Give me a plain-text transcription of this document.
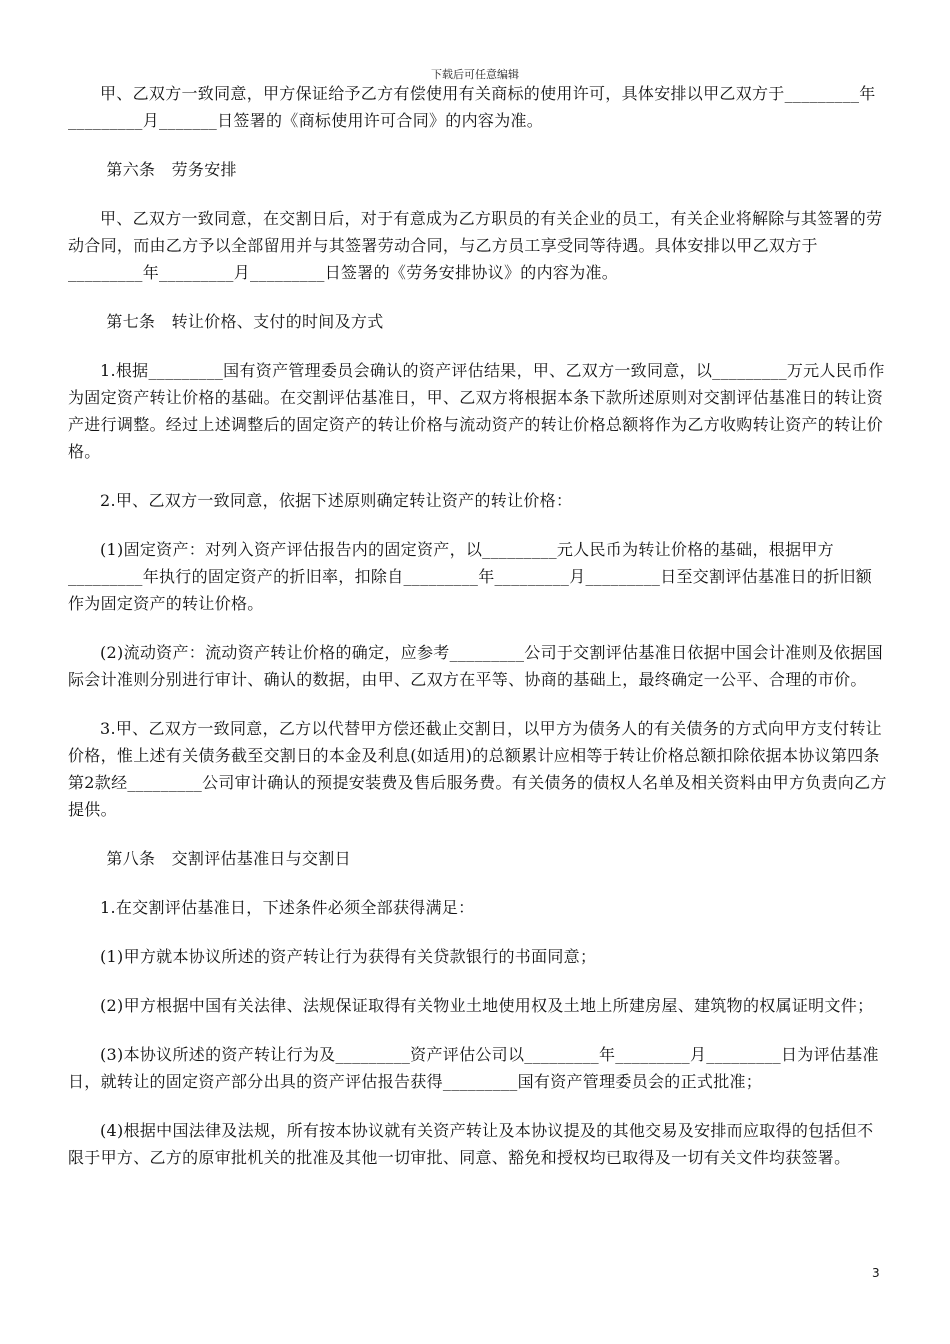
下载后可任意编辑

甲、乙双方一致同意，甲方保证给予乙方有偿使用有关商标的使用许可，具体安排以甲乙双方于_________年_________月_______日签署的《商标使用许可合同》的内容为准。

第六条　劳务安排

甲、乙双方一致同意，在交割日后，对于有意成为乙方职员的有关企业的员工，有关企业将解除与其签署的劳动合同，而由乙方予以全部留用并与其签署劳动合同，与乙方员工享受同等待遇。具体安排以甲乙双方于_________年_________月_________日签署的《劳务安排协议》的内容为准。

第七条　转让价格、支付的时间及方式

1.根据_________国有资产管理委员会确认的资产评估结果，甲、乙双方一致同意，以_________万元人民币作为固定资产转让价格的基础。在交割评估基准日，甲、乙双方将根据本条下款所述原则对交割评估基准日的转让资产进行调整。经过上述调整后的固定资产的转让价格与流动资产的转让价格总额将作为乙方收购转让资产的转让价格。

2.甲、乙双方一致同意，依据下述原则确定转让资产的转让价格：

(1)固定资产：对列入资产评估报告内的固定资产，以_________元人民币为转让价格的基础，根据甲方_________年执行的固定资产的折旧率，扣除自_________年_________月_________日至交割评估基准日的折旧额作为固定资产的转让价格。

(2)流动资产：流动资产转让价格的确定，应参考_________公司于交割评估基准日依据中国会计准则及依据国际会计准则分别进行审计、确认的数据，由甲、乙双方在平等、协商的基础上，最终确定一公平、合理的市价。

3.甲、乙双方一致同意，乙方以代替甲方偿还截止交割日，以甲方为债务人的有关债务的方式向甲方支付转让价格，惟上述有关债务截至交割日的本金及利息(如适用)的总额累计应相等于转让价格总额扣除依据本协议第四条第2款经_________公司审计确认的预提安装费及售后服务费。有关债务的债权人名单及相关资料由甲方负责向乙方提供。

第八条　交割评估基准日与交割日

1.在交割评估基准日，下述条件必须全部获得满足：

(1)甲方就本协议所述的资产转让行为获得有关贷款银行的书面同意；

(2)甲方根据中国有关法律、法规保证取得有关物业土地使用权及土地上所建房屋、建筑物的权属证明文件；

(3)本协议所述的资产转让行为及_________资产评估公司以_________年_________月_________日为评估基准日，就转让的固定资产部分出具的资产评估报告获得_________国有资产管理委员会的正式批准；

(4)根据中国法律及法规，所有按本协议就有关资产转让及本协议提及的其他交易及安排而应取得的包括但不限于甲方、乙方的原审批机关的批准及其他一切审批、同意、豁免和授权均已取得及一切有关文件均获签署。

3
